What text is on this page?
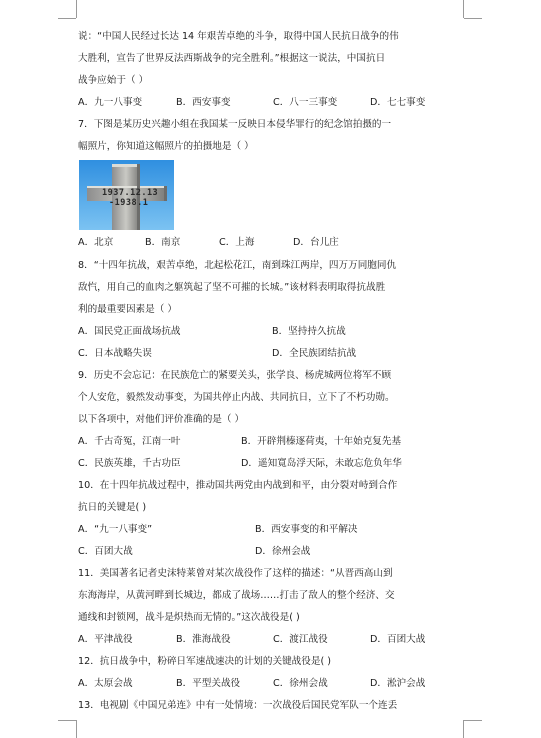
说：“中国人民经过长达 14 年艰苦卓绝的斗争，取得中国人民抗日战争的伟
大胜利，宣告了世界反法西斯战争的完全胜利。”根据这一说法，中国抗日
战争应始于（ ）
A．九一八事变	B．西安事变	C．八一三事变	D．七七事变
7．下图是某历史兴趣小组在我国某一反映日本侵华罪行的纪念馆拍摄的一
幅照片，你知道这幅照片的拍摄地是（ ）
1937.12.13
-1938.1
A．北京	B．南京	C．上海	D．台儿庄
8．“十四年抗战，艰苦卓绝，北起松花江，南到珠江两岸，四万万同胞同仇
敌忾，用自己的血肉之躯筑起了坚不可摧的长城。”该材料表明取得抗战胜
利的最重要因素是（ ）
A．国民党正面战场抗战	B．坚持持久抗战
C．日本战略失误	D．全民族团结抗战
9．历史不会忘记：在民族危亡的紧要关头，张学良、杨虎城两位将军不顾
个人安危，毅然发动事变，为国共停止内战、共同抗日，立下了不朽功勋。
以下各项中，对他们评价准确的是（ ）
A．千古奇冤，江南一叶	B．开辟荆榛逐荷夷，十年始克复先基
C．民族英雄，千古功臣	D．遥知寬岛浮天际，未敢忘危负年华
10．在十四年抗战过程中，推动国共两党由内战到和平，由分裂对峙到合作
抗日的关键是( )
A．“九一八事变”	B．西安事变的和平解决
C．百团大战	D．徐州会战
11．美国著名记者史沫特莱曾对某次战役作了这样的描述：“从晋西高山到
东海海岸，从黄河畔到长城边，都成了战场……打击了敌人的整个经济、交
通线和封锁网，战斗是炽热而无情的。”这次战役是( )
A．平津战役	B．淮海战役	C．渡江战役	D．百团大战
12．抗日战争中，粉碎日军速战速决的计划的关键战役是( )
A．太原会战	B．平型关战役	C．徐州会战	D．淞沪会战
13．电视剧《中国兄弟连》中有一处情境：一次战役后国民党军队一个连丢
